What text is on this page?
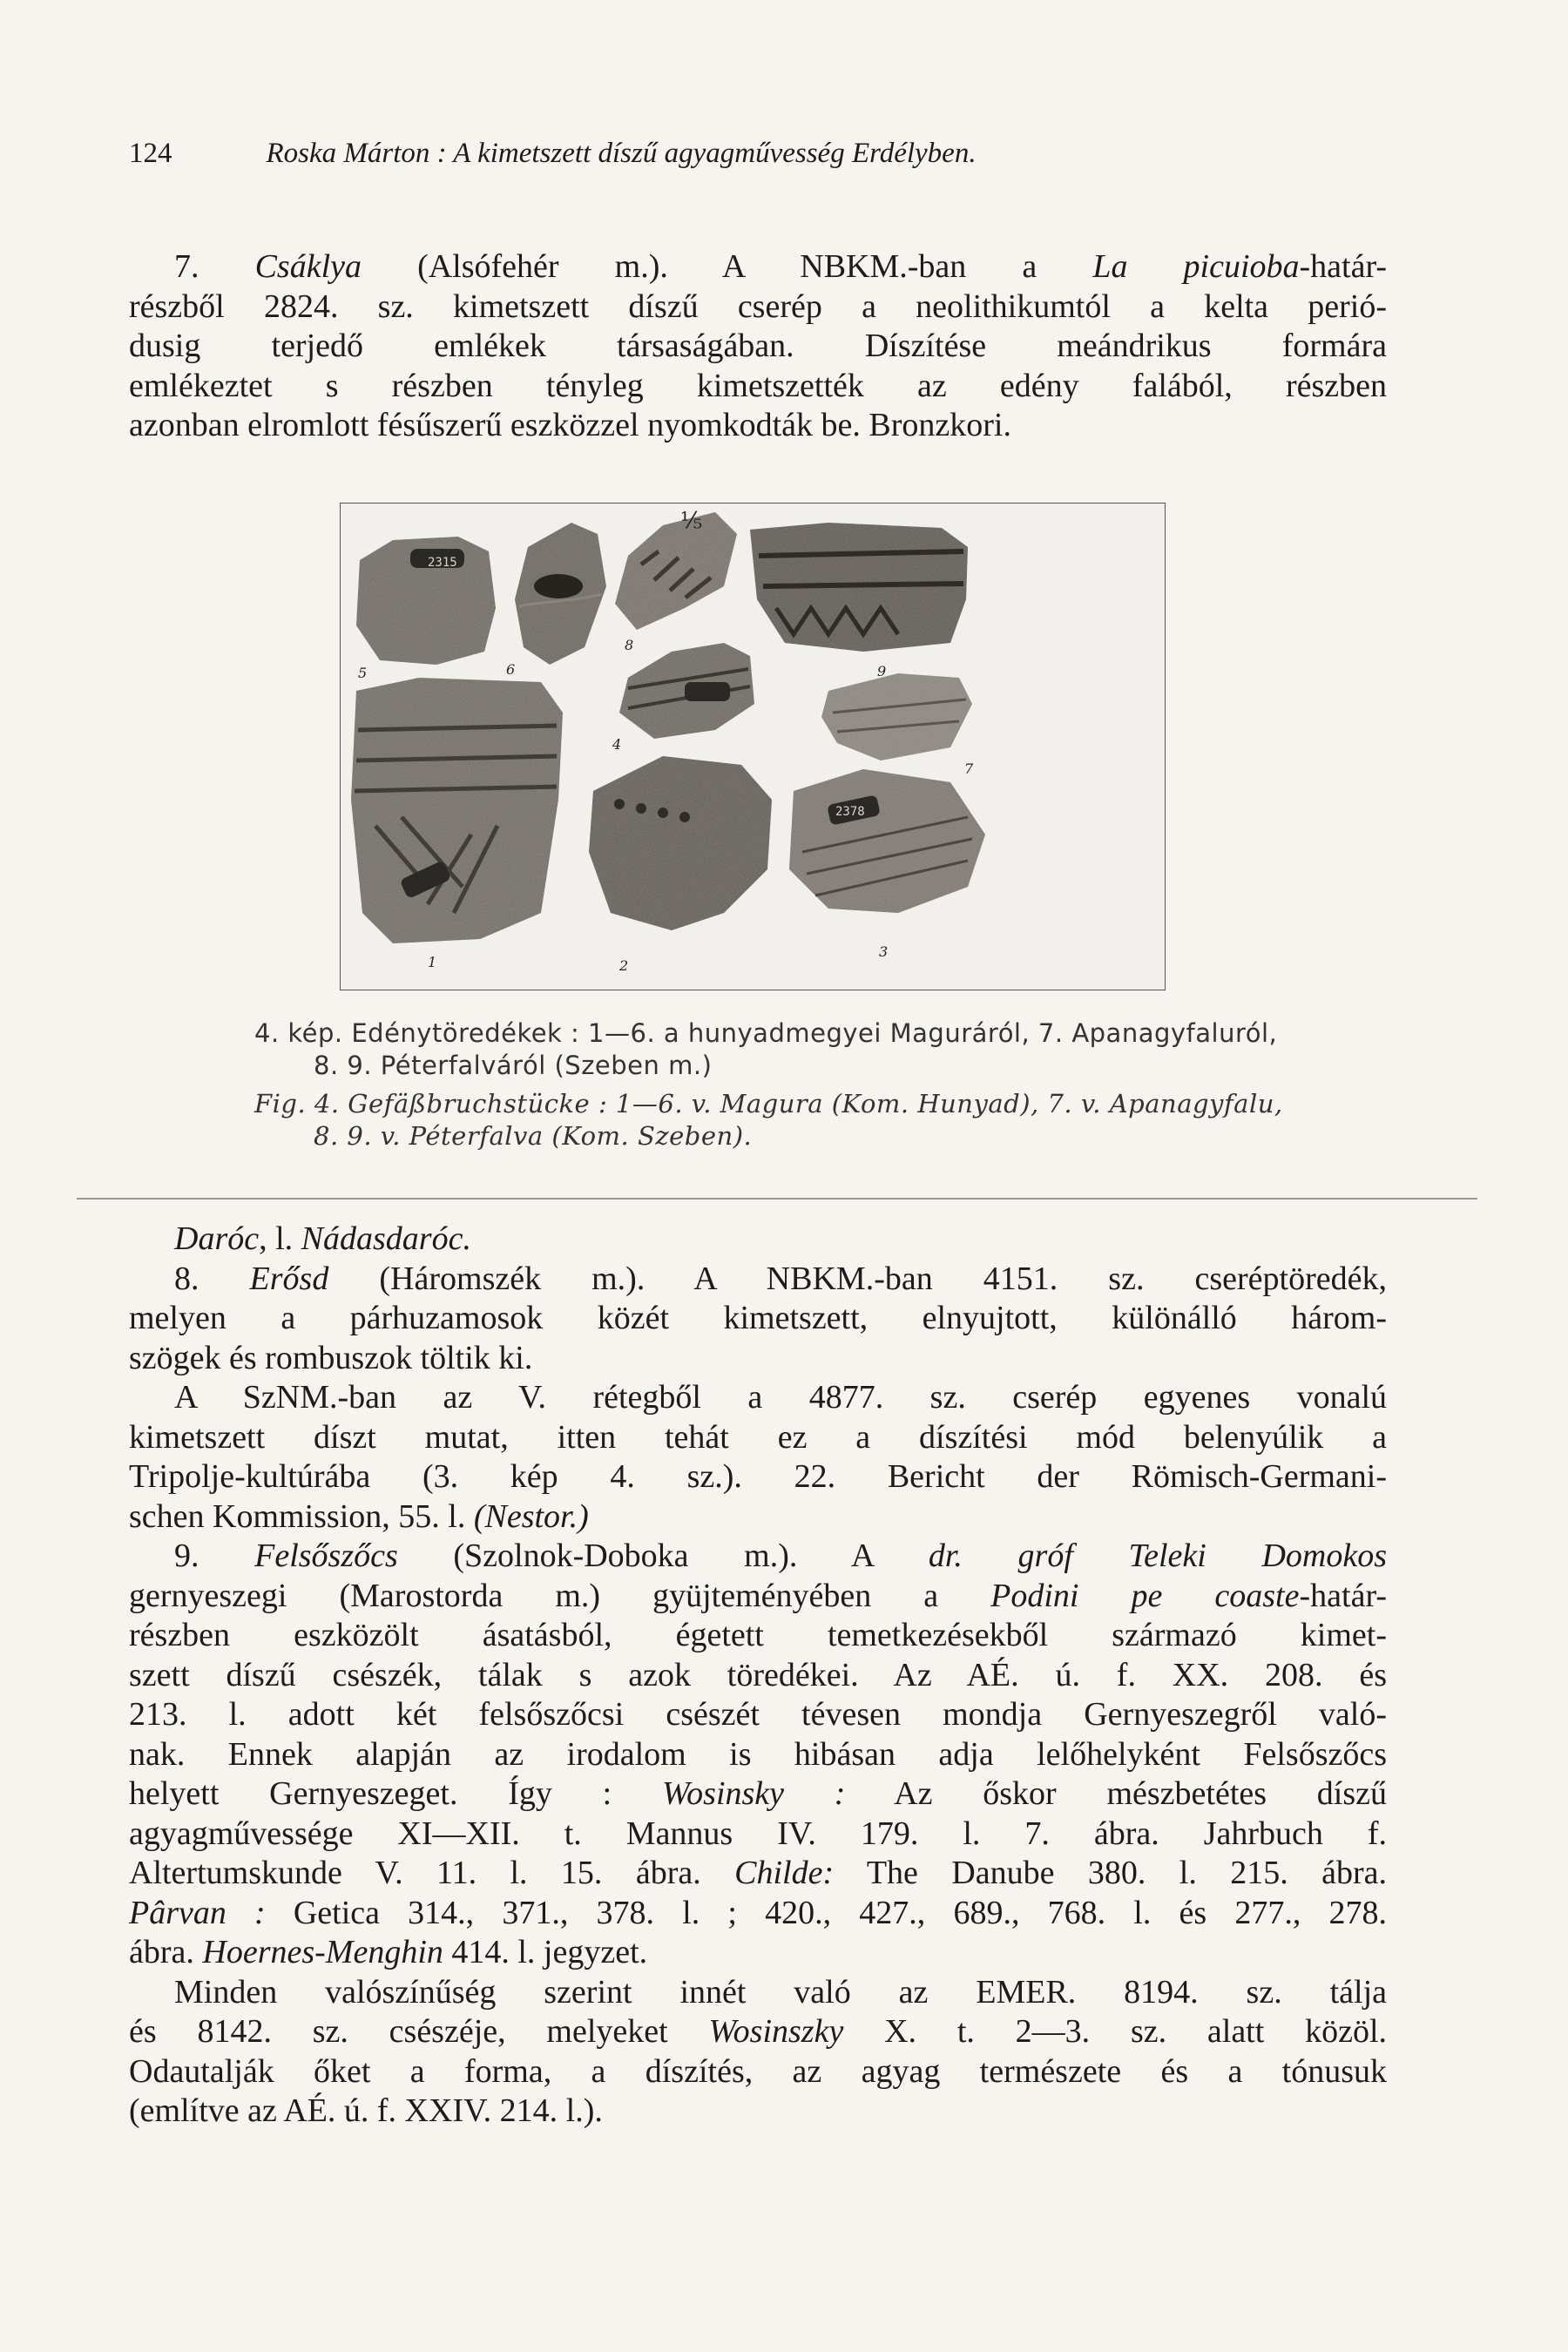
124	Roska Márton : A kimetszett díszű agyagművesség Erdélyben.
7. Csáklya (Alsófehér m.). A NBKM.-ban a La picuioba-határ-
részből 2824. sz. kimetszett díszű cserép a neolithikumtól a kelta perió-
dusig terjedő emlékek társaságában. Díszítése meándrikus formára
emlékeztet s részben tényleg kimetszették az edény falából, részben
azonban elromlott fésűszerű eszközzel nyomkodták be. Bronzkori.
⅕
2315
2378
1	2
3
4
5	6
7
8
9
4. kép. Edénytöredékek : 1—6. a hunyadmegyei Maguráról, 7. Apanagyfaluról,
8. 9. Péterfalváról (Szeben m.)
Fig. 4. Gefäßbruchstücke : 1—6. v. Magura (Kom. Hunyad), 7. v. Apanagyfalu,
8. 9. v. Péterfalva (Kom. Szeben).
Daróc, l. Nádasdaróc.
8. Erősd (Háromszék m.). A NBKM.-ban 4151. sz. cseréptöredék,
melyen a párhuzamosok közét kimetszett, elnyujtott, különálló három-
szögek és rombuszok töltik ki.
A SzNM.-ban az V. rétegből a 4877. sz. cserép egyenes vonalú
kimetszett díszt mutat, itten tehát ez a díszítési mód belenyúlik a
Tripolje-kultúrába (3. kép 4. sz.). 22. Bericht der Römisch-Germani-
schen Kommission, 55. l. (Nestor.)
9. Felsőszőcs (Szolnok-Doboka m.). A dr. gróf Teleki Domokos
gernyeszegi (Marostorda m.) gyüjteményében a Podini pe coaste-határ-
részben eszközölt ásatásból, égetett temetkezésekből származó kimet-
szett díszű csészék, tálak s azok töredékei. Az AÉ. ú. f. XX. 208. és
213. l. adott két felsőszőcsi csészét tévesen mondja Gernyeszegről való-
nak. Ennek alapján az irodalom is hibásan adja lelőhelyként Felsőszőcs
helyett Gernyeszeget. Így : Wosinsky : Az őskor mészbetétes díszű
agyagművessége XI—XII. t. Mannus IV. 179. l. 7. ábra. Jahrbuch f.
Altertumskunde V. 11. l. 15. ábra. Childe: The Danube 380. l. 215. ábra.
Pârvan : Getica 314., 371., 378. l. ; 420., 427., 689., 768. l. és 277., 278.
ábra. Hoernes-Menghin 414. l. jegyzet.
Minden valószínűség szerint innét való az EMER. 8194. sz. tálja
és 8142. sz. csészéje, melyeket Wosinszky X. t. 2—3. sz. alatt közöl.
Odautalják őket a forma, a díszítés, az agyag természete és a tónusuk
(említve az AÉ. ú. f. XXIV. 214. l.).
